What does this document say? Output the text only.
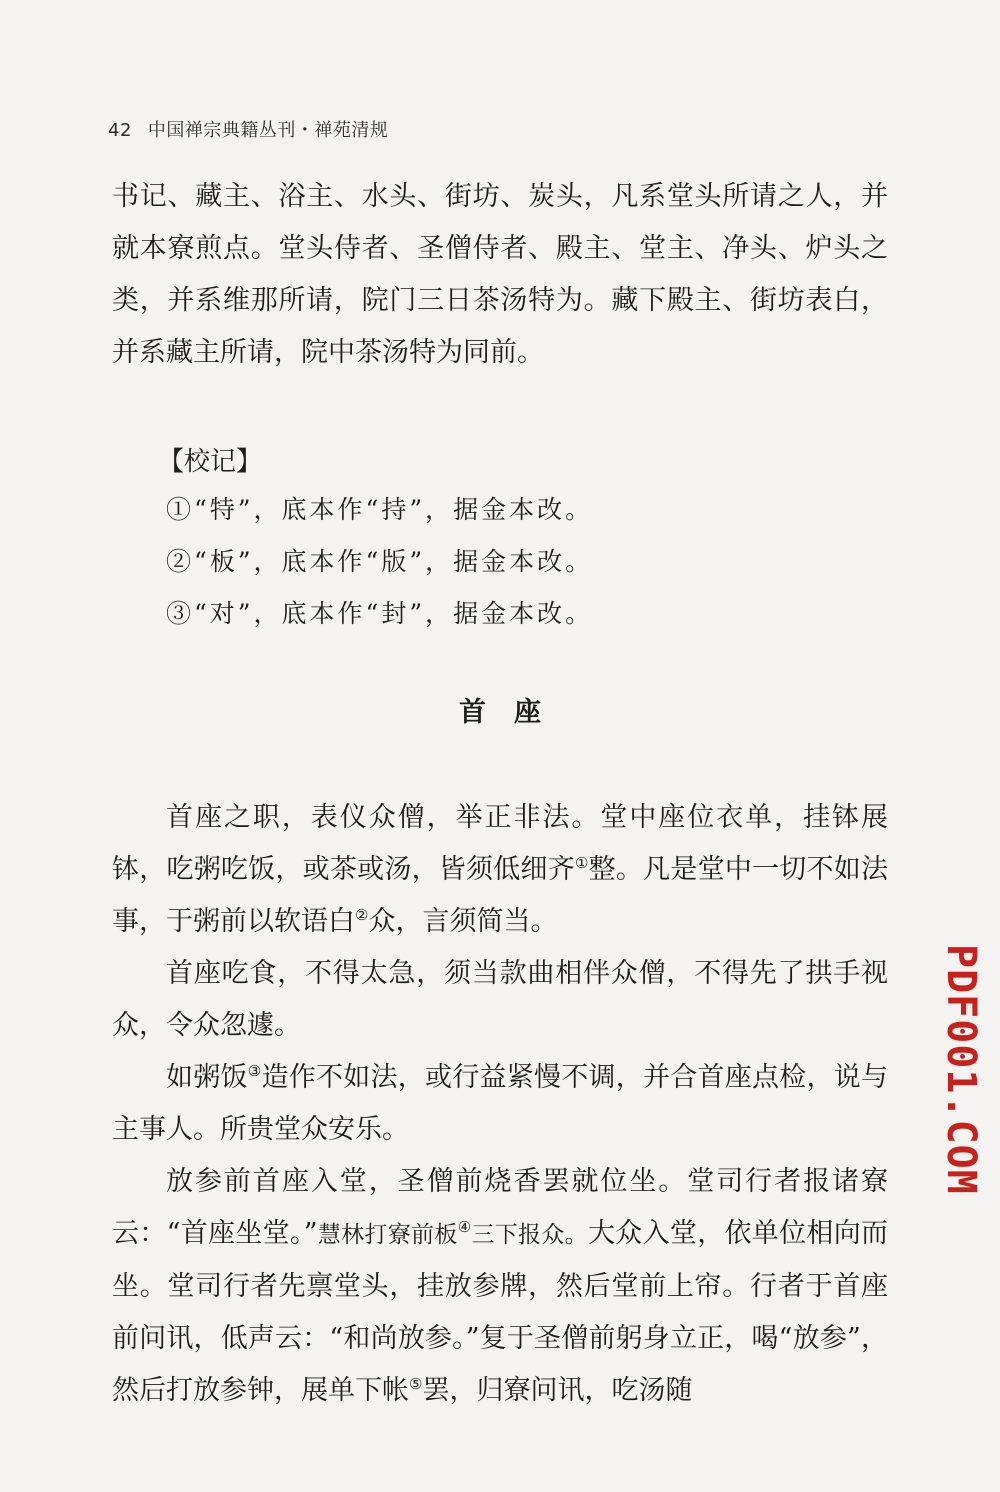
42 中国禅宗典籍丛刊・禅苑清规

书记、藏主、浴主、水头、街坊、炭头，凡系堂头所请之人，并就本寮煎点。堂头侍者、圣僧侍者、殿主、堂主、净头、炉头之类，并系维那所请，院门三日茶汤特为。藏下殿主、街坊表白，并系藏主所请，院中茶汤特为同前。

【校记】
①“特”，底本作“持”，据金本改。
②“板”，底本作“版”，据金本改。
③“对”，底本作“封”，据金本改。
首座

首座之职，表仪众僧，举正非法。堂中座位衣单，挂钵展钵，吃粥吃饭，或茶或汤，皆须低细齐①整。凡是堂中一切不如法事，于粥前以软语白②众，言须简当。

首座吃食，不得太急，须当款曲相伴众僧，不得先了拱手视众，令众忽遽。

如粥饭③造作不如法，或行益紧慢不调，并合首座点检，说与主事人。所贵堂众安乐。

放参前首座入堂，圣僧前烧香罢就位坐。堂司行者报诸寮云：“首座坐堂。”慧林打寮前板④三下报众。大众入堂，依单位相向而坐。堂司行者先禀堂头，挂放参牌，然后堂前上帘。行者于首座前问讯，低声云：“和尚放参。”复于圣僧前躬身立正，喝“放参”，然后打放参钟，展单下帐⑤罢，归寮问讯，吃汤随

PDF001.COM
